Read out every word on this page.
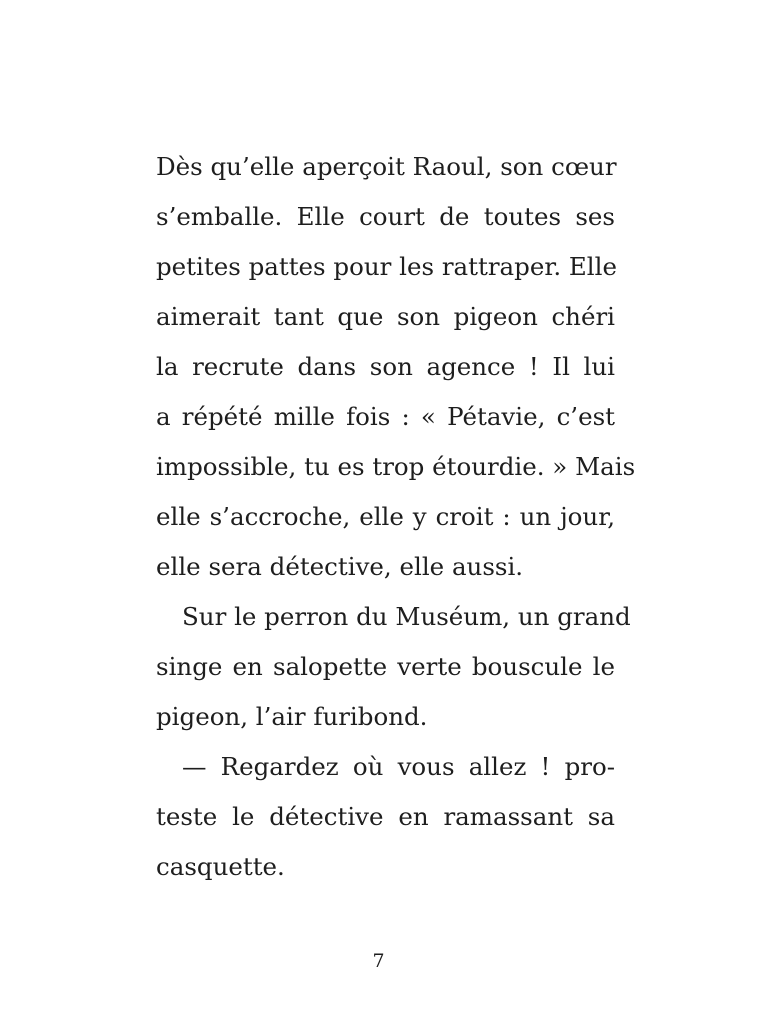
Dès qu’elle aperçoit Raoul, son cœur
s’emballe. Elle court de toutes ses
petites pattes pour les rattraper. Elle
aimerait tant que son pigeon chéri
la recrute dans son agence ! Il lui
a répété mille fois : « Pétavie, c’est
impossible, tu es trop étourdie. » Mais
elle s’accroche, elle y croit : un jour,
elle sera détective, elle aussi.
Sur le perron du Muséum, un grand
singe en salopette verte bouscule le
pigeon, l’air furibond.
— Regardez où vous allez ! pro-
teste le détective en ramassant sa
casquette.
7
